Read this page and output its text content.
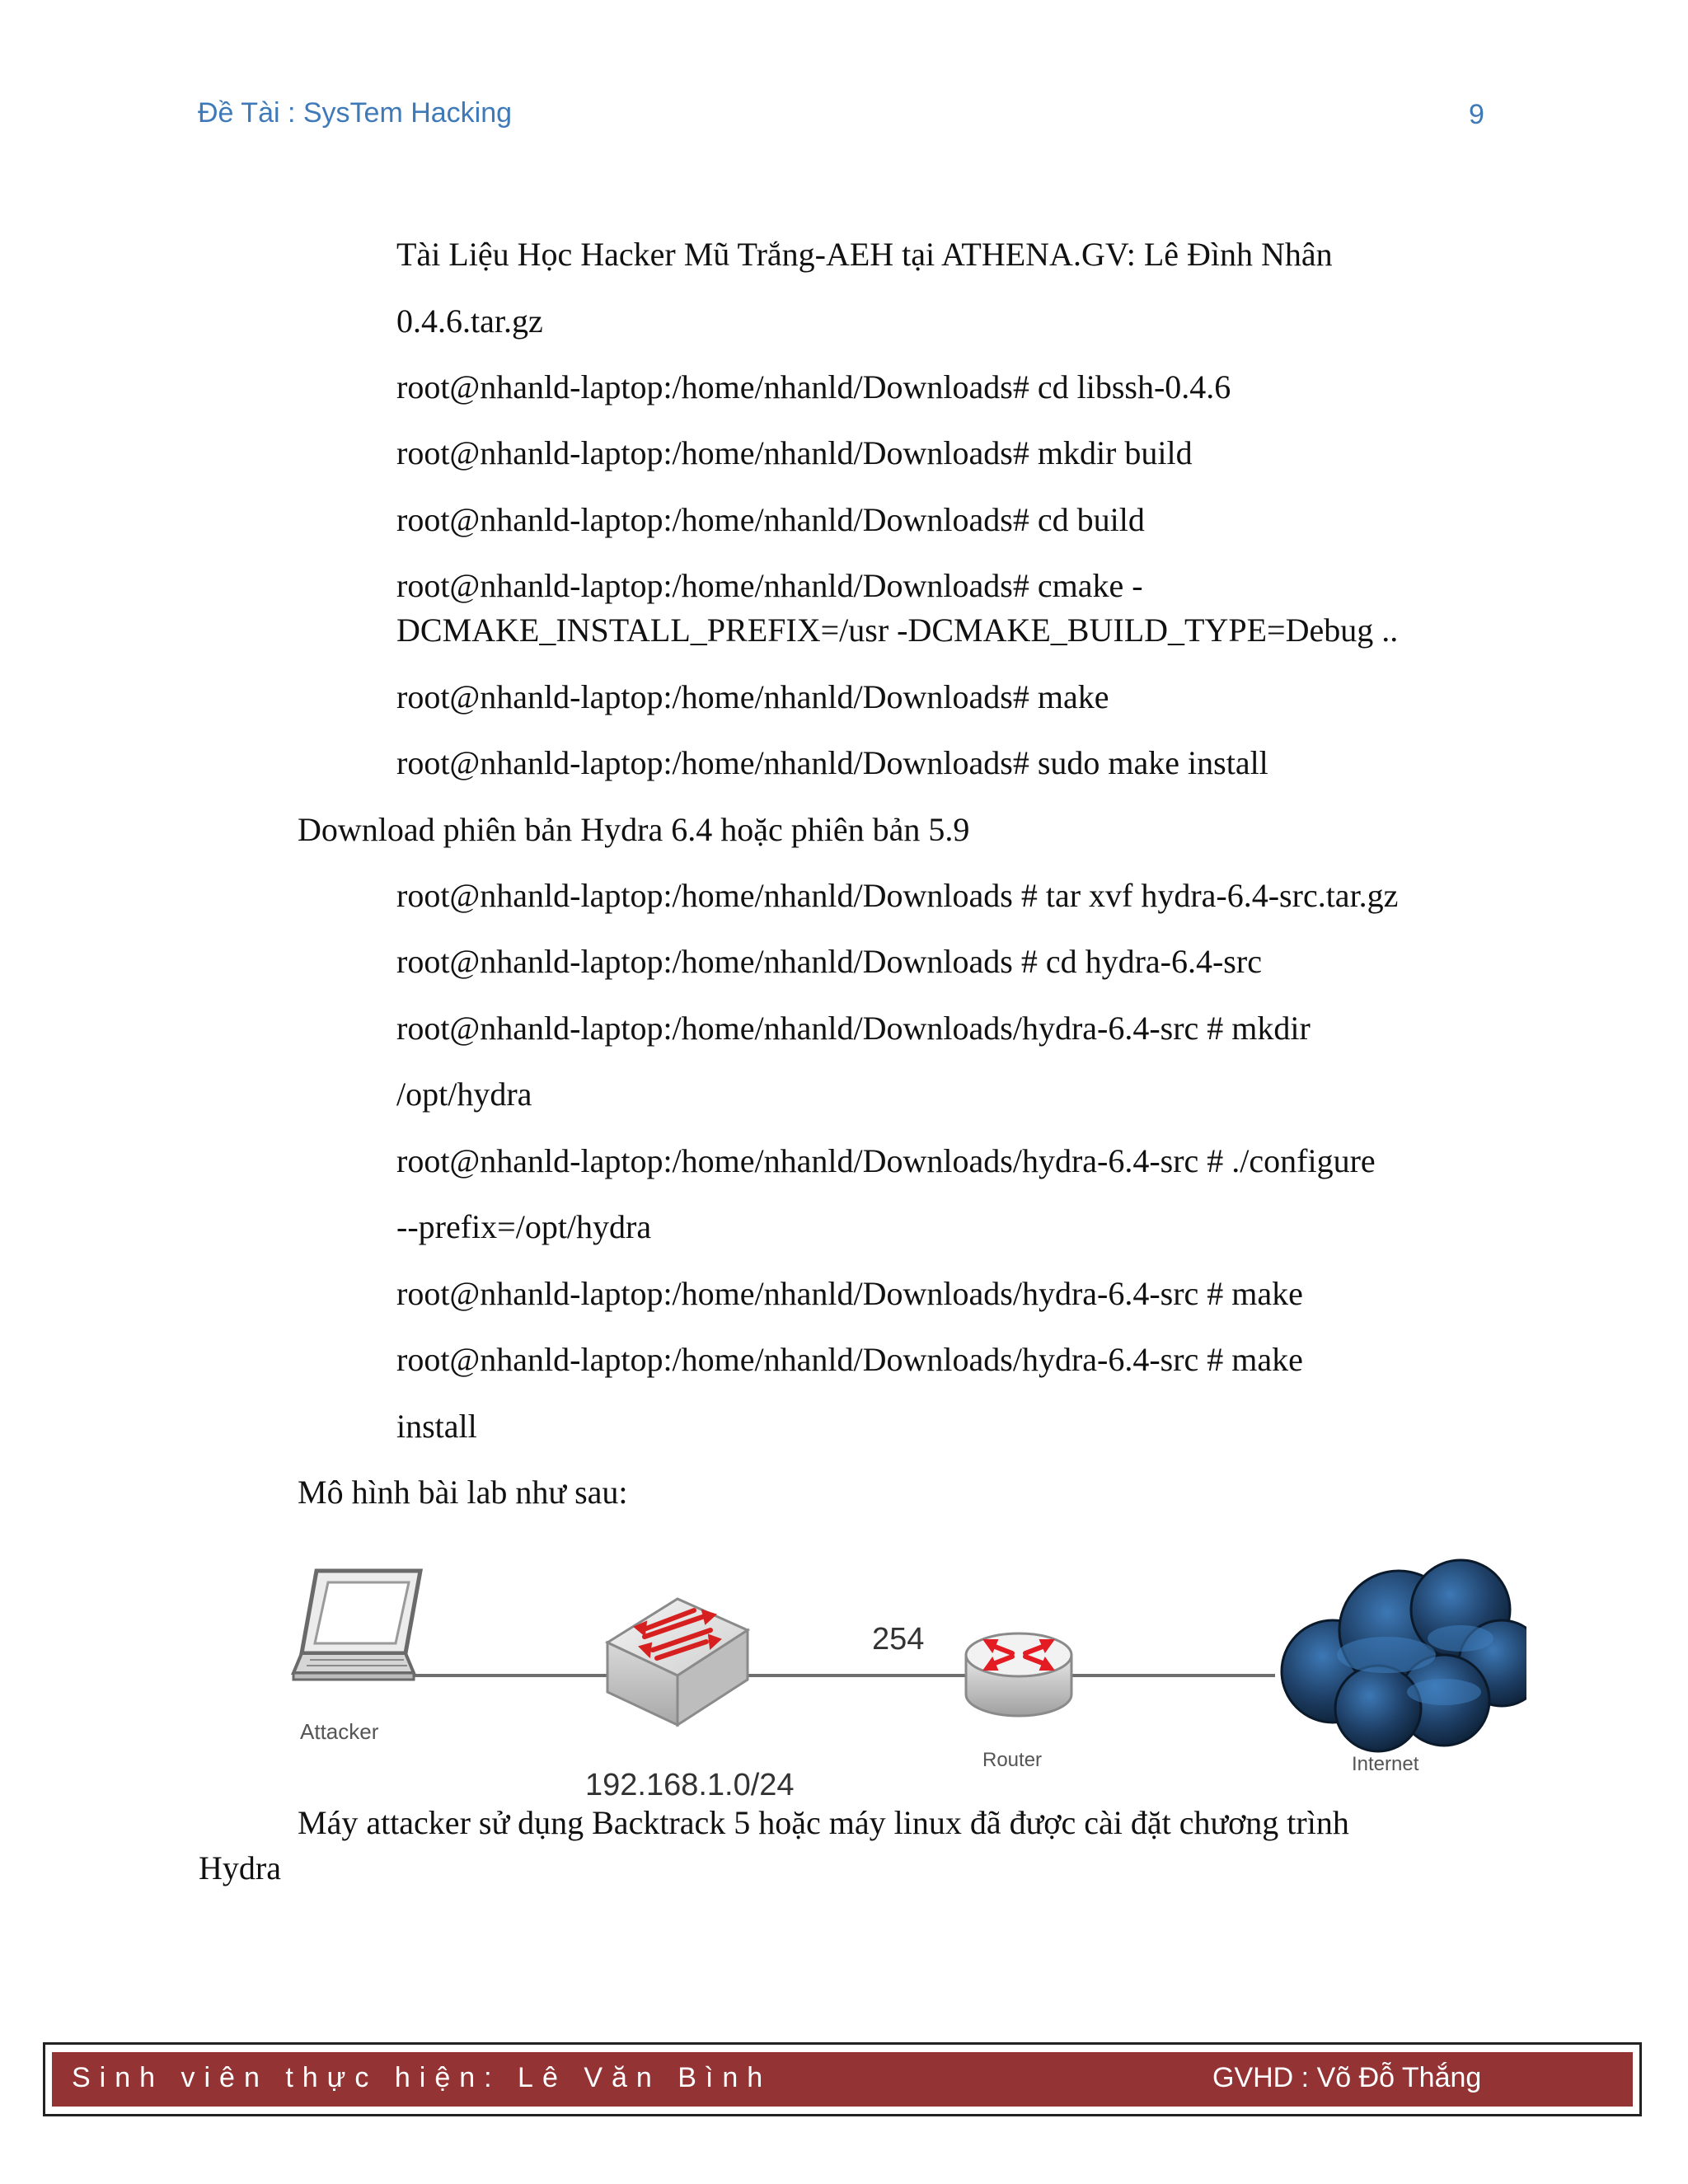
Đề Tài : SysTem Hacking	9
Tài Liệu Học Hacker Mũ Trắng-AEH tại ATHENA.GV: Lê Đình Nhân
0.4.6.tar.gz
root@nhanld-laptop:/home/nhanld/Downloads# cd libssh-0.4.6
root@nhanld-laptop:/home/nhanld/Downloads# mkdir build
root@nhanld-laptop:/home/nhanld/Downloads# cd build
root@nhanld-laptop:/home/nhanld/Downloads# cmake -
DCMAKE_INSTALL_PREFIX=/usr -DCMAKE_BUILD_TYPE=Debug ..
root@nhanld-laptop:/home/nhanld/Downloads# make
root@nhanld-laptop:/home/nhanld/Downloads# sudo make install
Download phiên bản Hydra 6.4 hoặc phiên bản 5.9
root@nhanld-laptop:/home/nhanld/Downloads # tar xvf hydra-6.4-src.tar.gz
root@nhanld-laptop:/home/nhanld/Downloads # cd hydra-6.4-src
root@nhanld-laptop:/home/nhanld/Downloads/hydra-6.4-src # mkdir
/opt/hydra
root@nhanld-laptop:/home/nhanld/Downloads/hydra-6.4-src # ./configure
--prefix=/opt/hydra
root@nhanld-laptop:/home/nhanld/Downloads/hydra-6.4-src # make
root@nhanld-laptop:/home/nhanld/Downloads/hydra-6.4-src # make
install
Mô hình bài lab như sau:
Attacker
192.168.1.0/24
254
Router	Internet
Máy attacker sử dụng Backtrack 5 hoặc máy linux đã được cài đặt chương trình
Hydra
Sinh viên thực hiện: Lê Văn Bình	GVHD : Võ Đỗ Thắng
